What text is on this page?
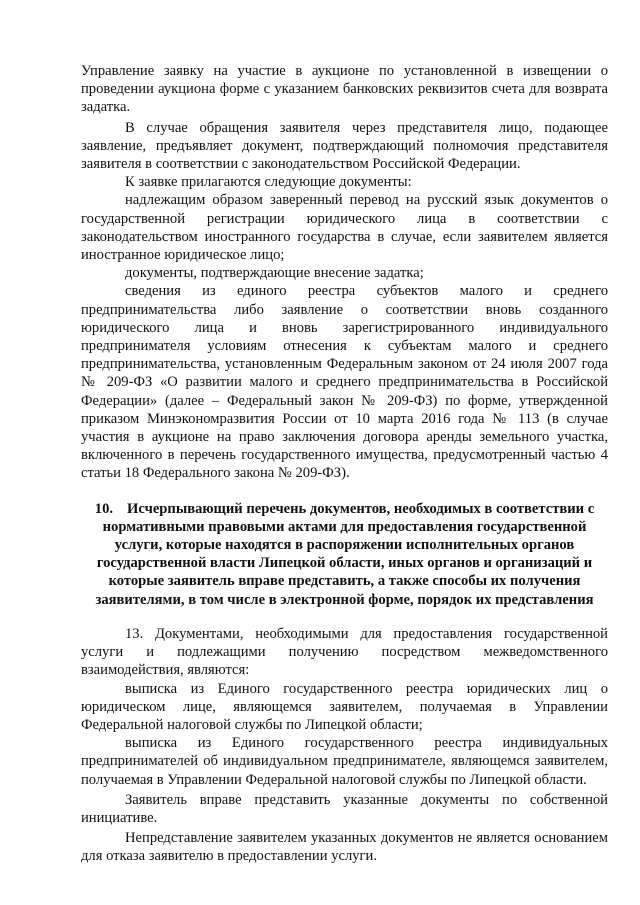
Управление заявку на участие в аукционе по установленной в извещении о проведении аукциона форме с указанием банковских реквизитов счета для возврата задатка.

В случае обращения заявителя через представителя лицо, подающее заявление, предъявляет документ, подтверждающий полномочия представителя заявителя в соответствии с законодательством Российской Федерации.

К заявке прилагаются следующие документы:

надлежащим образом заверенный перевод на русский язык документов о государственной регистрации юридического лица в соответствии с законодательством иностранного государства в случае, если заявителем является иностранное юридическое лицо;

документы, подтверждающие внесение задатка;

сведения из единого реестра субъектов малого и среднего предпринимательства либо заявление о соответствии вновь созданного юридического лица и вновь зарегистрированного индивидуального предпринимателя условиям отнесения к субъектам малого и среднего предпринимательства, установленным Федеральным законом от 24 июля 2007 года № 209-ФЗ «О развитии малого и среднего предпринимательства в Российской Федерации» (далее – Федеральный закон № 209-ФЗ) по форме, утвержденной приказом Минэкономразвития России от 10 марта 2016 года № 113 (в случае участия в аукционе на право заключения договора аренды земельного участка, включенного в перечень государственного имущества, предусмотренный частью 4 статьи 18 Федерального закона № 209-ФЗ).

10. Исчерпывающий перечень документов, необходимых в соответствии с нормативными правовыми актами для предоставления государственной услуги, которые находятся в распоряжении исполнительных органов государственной власти Липецкой области, иных органов и организаций и которые заявитель вправе представить, а также способы их получения заявителями, в том числе в электронной форме, порядок их представления

13. Документами, необходимыми для предоставления государственной услуги и подлежащими получению посредством межведомственного взаимодействия, являются:

выписка из Единого государственного реестра юридических лиц о юридическом лице, являющемся заявителем, получаемая в Управлении Федеральной налоговой службы по Липецкой области;

выписка из Единого государственного реестра индивидуальных предпринимателей об индивидуальном предпринимателе, являющемся заявителем, получаемая в Управлении Федеральной налоговой службы по Липецкой области.

Заявитель вправе представить указанные документы по собственной инициативе.

Непредставление заявителем указанных документов не является основанием для отказа заявителю в предоставлении услуги.
